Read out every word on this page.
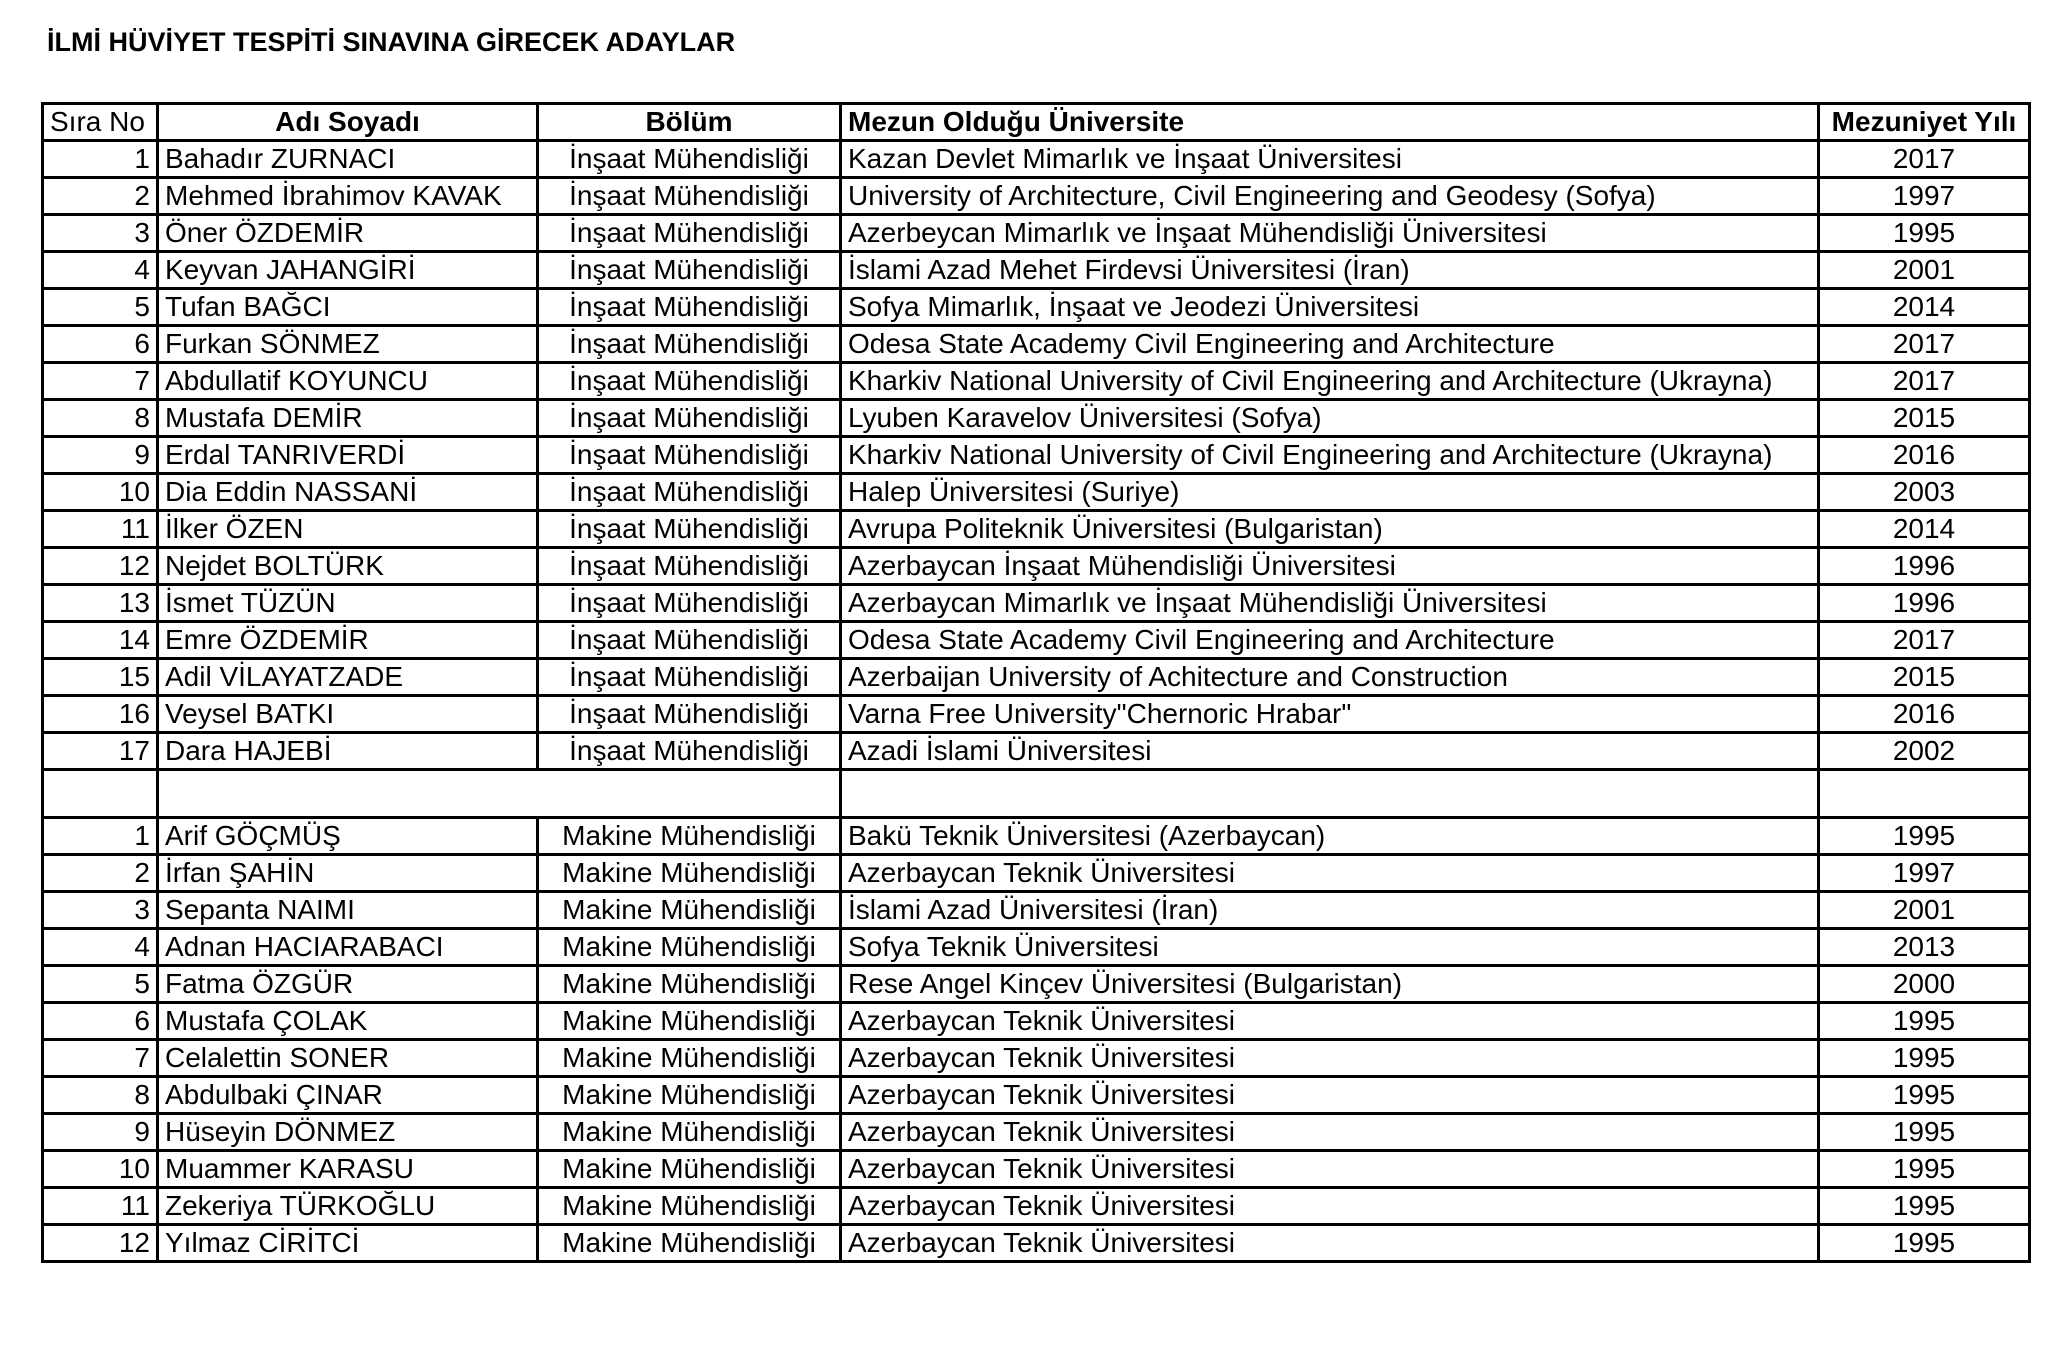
İLMİ HÜVİYET TESPİTİ SINAVINA GİRECEK ADAYLAR
Sıra No	Adı Soyadı	Bölüm	Mezun Olduğu Üniversite	Mezuniyet Yılı
1	Bahadır ZURNACI	İnşaat Mühendisliği	Kazan Devlet Mimarlık ve İnşaat Üniversitesi	2017
2	Mehmed İbrahimov KAVAK	İnşaat Mühendisliği	University of Architecture, Civil Engineering and Geodesy (Sofya)	1997
3	Öner ÖZDEMİR	İnşaat Mühendisliği	Azerbeycan Mimarlık ve İnşaat Mühendisliği Üniversitesi	1995
4	Keyvan JAHANGİRİ	İnşaat Mühendisliği	İslami Azad Mehet Firdevsi Üniversitesi (İran)	2001
5	Tufan BAĞCI	İnşaat Mühendisliği	Sofya Mimarlık, İnşaat ve Jeodezi Üniversitesi	2014
6	Furkan SÖNMEZ	İnşaat Mühendisliği	Odesa State Academy Civil Engineering and Architecture	2017
7	Abdullatif KOYUNCU	İnşaat Mühendisliği	Kharkiv National University of Civil Engineering and Architecture (Ukrayna)	2017
8	Mustafa DEMİR	İnşaat Mühendisliği	Lyuben Karavelov Üniversitesi (Sofya)	2015
9	Erdal TANRIVERDİ	İnşaat Mühendisliği	Kharkiv National University of Civil Engineering and Architecture (Ukrayna)	2016
10	Dia Eddin NASSANİ	İnşaat Mühendisliği	Halep Üniversitesi (Suriye)	2003
11	İlker ÖZEN	İnşaat Mühendisliği	Avrupa Politeknik Üniversitesi (Bulgaristan)	2014
12	Nejdet BOLTÜRK	İnşaat Mühendisliği	Azerbaycan İnşaat Mühendisliği Üniversitesi	1996
13	İsmet TÜZÜN	İnşaat Mühendisliği	Azerbaycan Mimarlık ve İnşaat Mühendisliği Üniversitesi	1996
14	Emre ÖZDEMİR	İnşaat Mühendisliği	Odesa State Academy Civil Engineering and Architecture	2017
15	Adil VİLAYATZADE	İnşaat Mühendisliği	Azerbaijan University of Achitecture and Construction	2015
16	Veysel BATKI	İnşaat Mühendisliği	Varna Free University"Chernoric Hrabar"	2016
17	Dara HAJEBİ	İnşaat Mühendisliği	Azadi İslami Üniversitesi	2002

1	Arif GÖÇMÜŞ	Makine Mühendisliği	Bakü Teknik Üniversitesi (Azerbaycan)	1995
2	İrfan ŞAHİN	Makine Mühendisliği	Azerbaycan Teknik Üniversitesi	1997
3	Sepanta NAIMI	Makine Mühendisliği	İslami Azad Üniversitesi (İran)	2001
4	Adnan HACIARABACI	Makine Mühendisliği	Sofya Teknik Üniversitesi	2013
5	Fatma ÖZGÜR	Makine Mühendisliği	Rese Angel Kinçev Üniversitesi (Bulgaristan)	2000
6	Mustafa ÇOLAK	Makine Mühendisliği	Azerbaycan Teknik Üniversitesi	1995
7	Celalettin SONER	Makine Mühendisliği	Azerbaycan Teknik Üniversitesi	1995
8	Abdulbaki ÇINAR	Makine Mühendisliği	Azerbaycan Teknik Üniversitesi	1995
9	Hüseyin DÖNMEZ	Makine Mühendisliği	Azerbaycan Teknik Üniversitesi	1995
10	Muammer KARASU	Makine Mühendisliği	Azerbaycan Teknik Üniversitesi	1995
11	Zekeriya TÜRKOĞLU	Makine Mühendisliği	Azerbaycan Teknik Üniversitesi	1995
12	Yılmaz CİRİTCİ	Makine Mühendisliği	Azerbaycan Teknik Üniversitesi	1995
